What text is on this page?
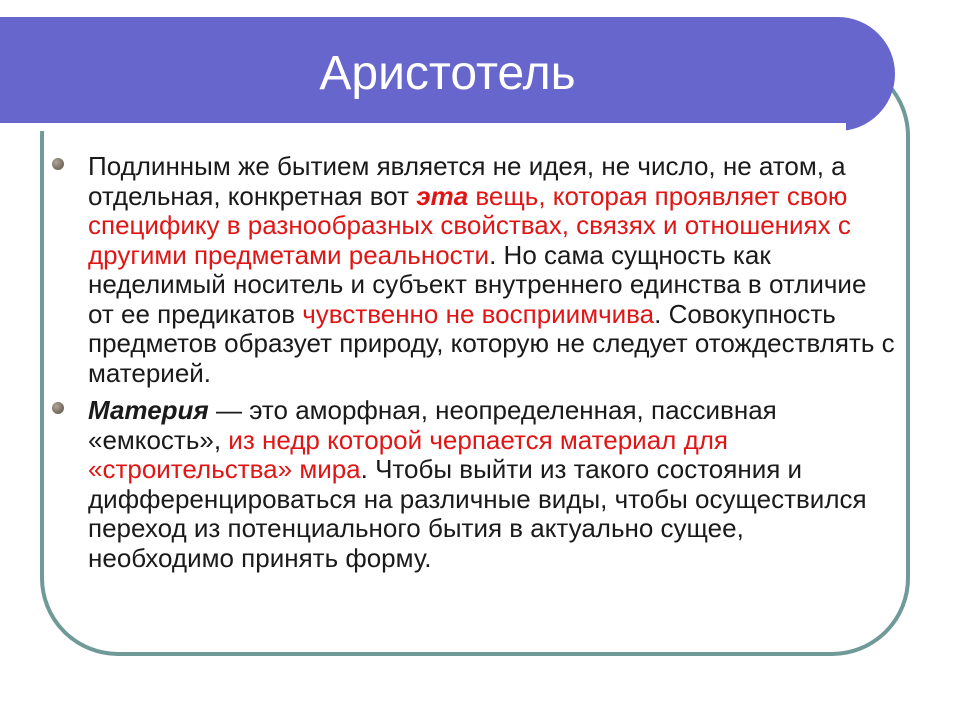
Аристотель
Подлинным же бытием является не идея, не число, не атом, а отдельная, конкретная вот эта вещь, которая проявляет свою специфику в разнообразных свойствах, связях и отношениях с другими предметами реальности. Но сама сущность как неделимый носитель и субъект внутреннего единства в отличие от ее предикатов чувственно не восприимчива. Совокупность предметов образует природу, которую не следует отождествлять с материей.
Материя — это аморфная, неопределенная, пассивная «емкость», из недр которой черпается материал для «строительства» мира. Чтобы выйти из такого состояния и дифференцироваться на различные виды, чтобы осуществился переход из потенциального бытия в актуально сущее, необходимо принять форму.
